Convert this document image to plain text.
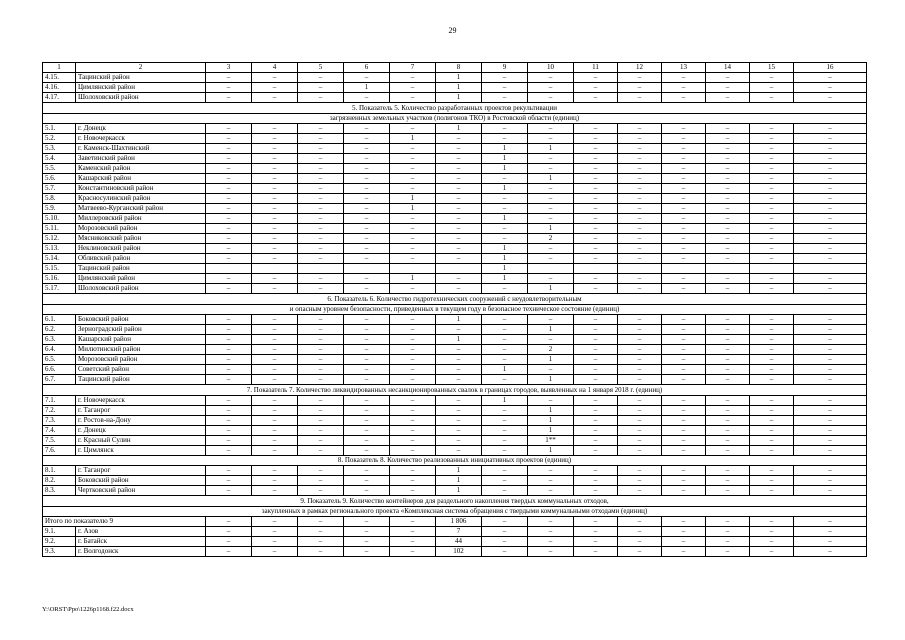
29
1	2	3	4	5	6	7	8	9	10	11	12	13	14	15	16
4.15.	Тацинский район	–	–	–	–	–	1	–	–	–	–	–	–	–	–
4.16.	Цимлянский район	–	–	–	1	–	1	–	–	–	–	–	–	–	–
4.17.	Шолоховский район	–	–	–	–	–	1	–	–	–	–	–	–	–	–
5. Показатель 5. Количество разработанных проектов рекультивации															
загрязненных земельных участков (полигонов ТКО) в Ростовской области (единиц)															
5.1.	г. Донецк	–	–	–	–	–	1	–	–	–	–	–	–	–	–
5.2.	г. Новочеркасск	–	–	–	–	1	–	–	–	–	–	–	–	–	–
5.3.	г. Каменск-Шахтинский	–	–	–	–	–	–	1	1	–	–	–	–	–	–
5.4.	Заветинский район	–	–	–	–	–	–	1	–	–	–	–	–	–	–
5.5.	Каменский район	–	–	–	–	–	–	1	–	–	–	–	–	–	–
5.6.	Кашарский район	–	–	–	–	–	–	–	1	–	–	–	–	–	–
5.7.	Константиновский район	–	–	–	–	–	–	1	–	–	–	–	–	–	–
5.8.	Красносулинский район	–	–	–	–	1	–	–	–	–	–	–	–	–	–
5.9.	Матвеево-Курганский район	–	–	–	–	1	–	–	–	–	–	–	–	–	–
5.10.	Миллеровский район	–	–	–	–	–	–	1	–	–	–	–	–	–	–
5.11.	Морозовский район	–	–	–	–	–	–	–	1	–	–	–	–	–	–
5.12.	Мясниковский район	–	–	–	–	–	–	–	2	–	–	–	–	–	–
5.13.	Неклиновский район	–	–	–	–	–	–	1	–	–	–	–	–	–	–
5.14.	Обливский район	–	–	–	–	–	–	1	–	–	–	–	–	–	–
5.15.	Тацинский район							1							
5.16.	Цимлянский район	–	–	–	–	1	–	1	–	–	–	–	–	–	–
5.17.	Шолоховский район	–	–	–	–	–	–	–	1	–	–	–	–	–	–
6. Показатель 6. Количество гидротехнических сооружений с неудовлетворительным															
и опасным уровнем безопасности, приведенных в текущем году в безопасное техническое состояние (единиц)															
6.1.	Боковский район	–	–	–	–	–	1	–	–	–	–	–	–	–	–
6.2.	Зерноградский район	–	–	–	–	–	–	–	1	–	–	–	–	–	–
6.3.	Кашарский район	–	–	–	–	–	1	–	–	–	–	–	–	–	–
6.4.	Милютинский район	–	–	–	–	–	–	–	2	–	–	–	–	–	–
6.5.	Морозовский район	–	–	–	–	–	–	–	1	–	–	–	–	–	–
6.6.	Советский район	–	–	–	–	–	–	1	–	–	–	–	–	–	–
6.7.	Тацинский район	–	–	–	–	–	–	–	1	–	–	–	–	–	–
7. Показатель 7. Количество ликвидированных несанкционированных свалок в границах городов, выявленных на 1 января 2018 г. (единиц)															
7.1.	г. Новочеркасск	–	–	–	–	–	–	1	–	–	–	–	–	–	–
7.2.	г. Таганрог	–	–	–	–	–	–	–	1	–	–	–	–	–	–
7.3.	г. Ростов-на-Дону	–	–	–	–	–	–	–	1	–	–	–	–	–	–
7.4.	г. Донецк	–	–	–	–	–	–	–	1	–	–	–	–	–	–
7.5.	г. Красный Сулин	–	–	–	–	–	–	–	1**	–	–	–	–	–	–
7.6.	г. Цимлянск	–	–	–	–	–	–	–	1	–	–	–	–	–	–
8. Показатель 8. Количество реализованных инициативных проектов (единиц)															
8.1.	г. Таганрог	–	–	–	–	–	1	–	–	–	–	–	–	–	–
8.2.	Боковский район	–	–	–	–	–	1	–	–	–	–	–	–	–	–
8.3.	Чертковский район	–	–	–	–	–	1	–	–	–	–	–	–	–	–
9. Показатель 9. Количество контейнеров для раздельного накопления твердых коммунальных отходов,															
закупленных в рамках регионального проекта «Комплексная система обращения с твердыми коммунальными отходами (единиц)															
Итого по показателю 9		–	–	–	–	–	1 806	–	–	–	–	–	–	–	–
9.1.	г. Азов	–	–	–	–	–	7	–	–	–	–	–	–	–	–
9.2.	г. Батайск	–	–	–	–	–	44	–	–	–	–	–	–	–	–
9.3.	г. Волгодонск	–	–	–	–	–	102	–	–	–	–	–	–	–	–
Y:\ORST\Ppo\1226p1168.f22.docx
